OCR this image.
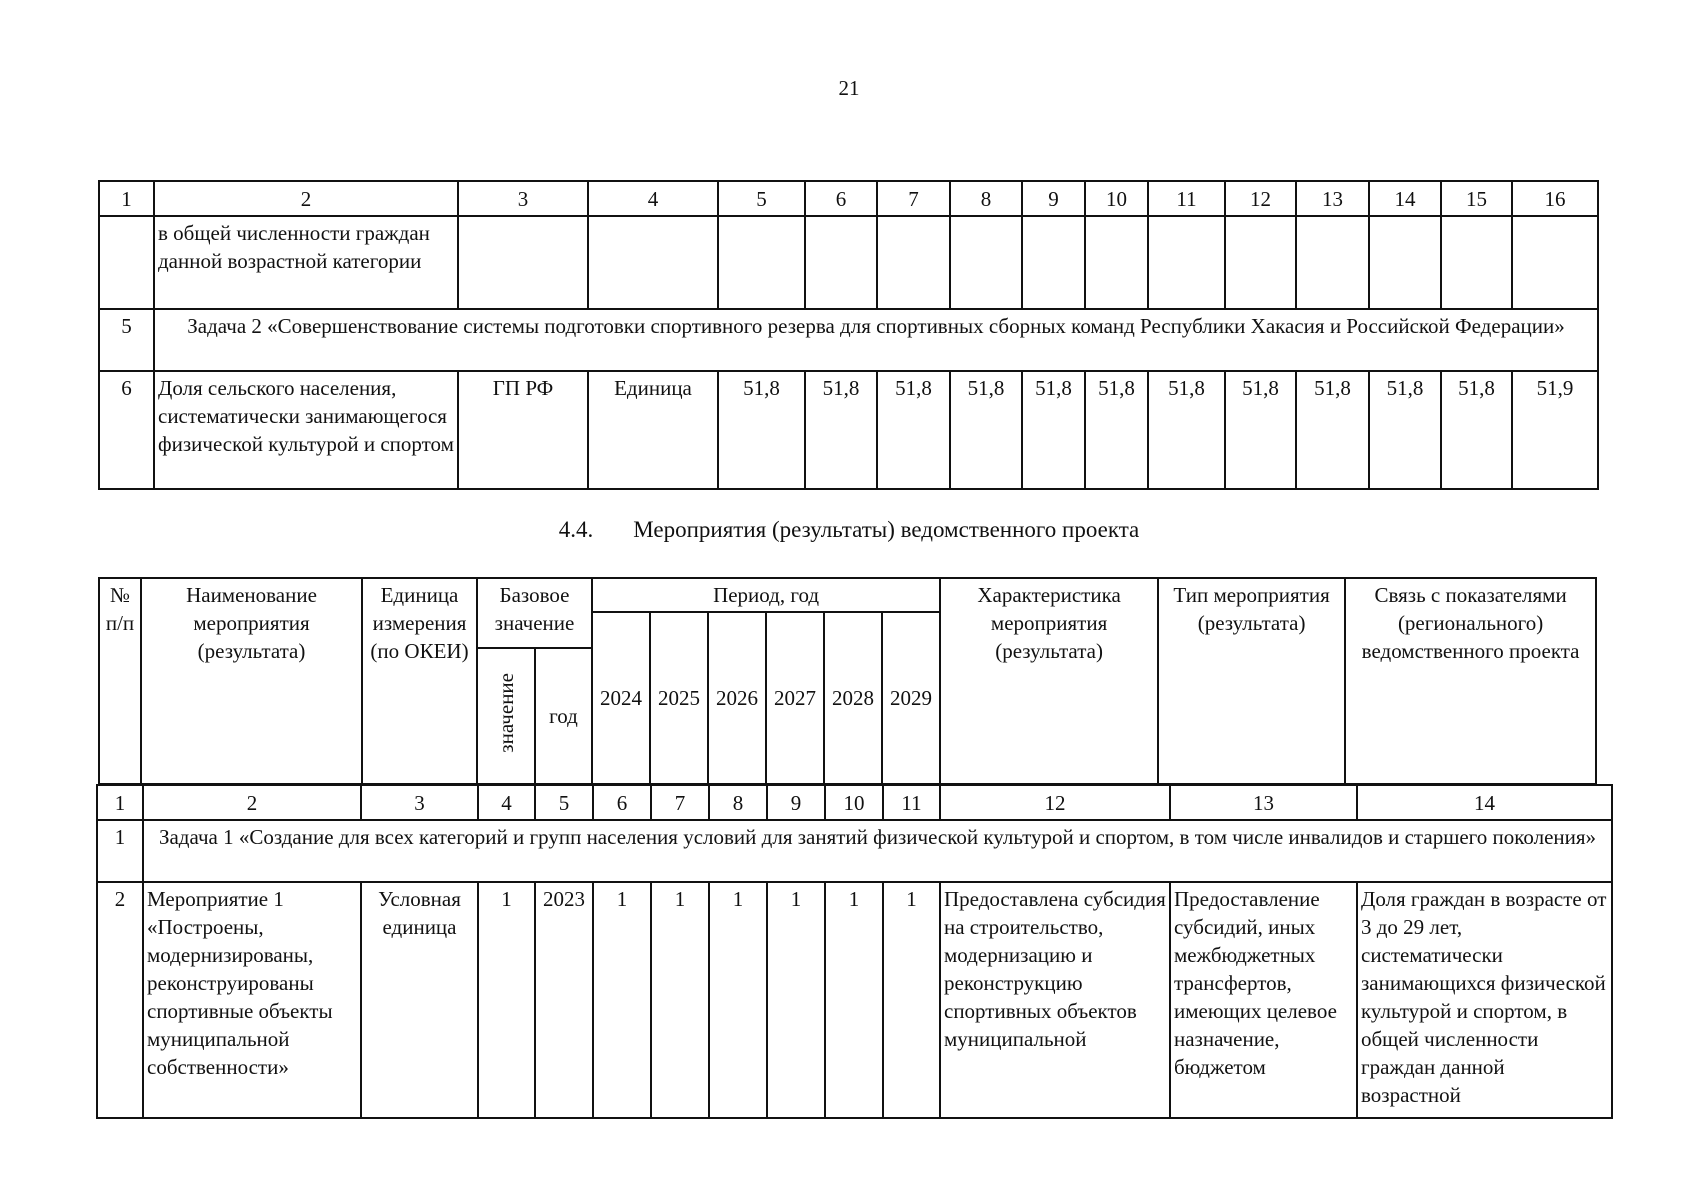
21
1	2	3	4	5	6	7	8	9	10	11	12	13	14	15	16
	в общей численности граждан данной возрастной категории														
5	Задача 2 «Совершенствование системы подготовки спортивного резерва для спортивных сборных команд Республики Хакасия и Российской Федерации»														
6	Доля сельского населения, систематически занимающегося физической культурой и спортом	ГП РФ	Единица	51,8	51,8	51,8	51,8	51,8	51,8	51,8	51,8	51,8	51,8	51,8	51,9
4.4. Мероприятия (результаты) ведомственного проекта
№ п/п	Наименование мероприятия (результата)	Единица измерения (по ОКЕИ)	Базовое значение		Период, год						Характеристика мероприятия (результата)	Тип мероприятия (результата)	Связь с показателями (регионального) ведомственного проекта
					2024	2025	2026	2027	2028	2029			
			значение	год									
1	2	3	4	5	6	7	8	9	10	11	12	13	14
1	Задача 1 «Создание для всех категорий и групп населения условий для занятий физической культурой и спортом, в том числе инвалидов и старшего поколения»												
2	Мероприятие 1 «Построены, модернизированы, реконструированы спортивные объекты муниципальной собственности»	Условная единица	1	2023	1	1	1	1	1	1	Предоставлена субсидия на строительство, модернизацию и реконструкцию спортивных объектов муниципальной	Предоставление субсидий, иных межбюджетных трансфертов, имеющих целевое назначение, бюджетом	Доля граждан в возрасте от 3 до 29 лет, систематически занимающихся физической культурой и спортом, в общей численности граждан данной возрастной
